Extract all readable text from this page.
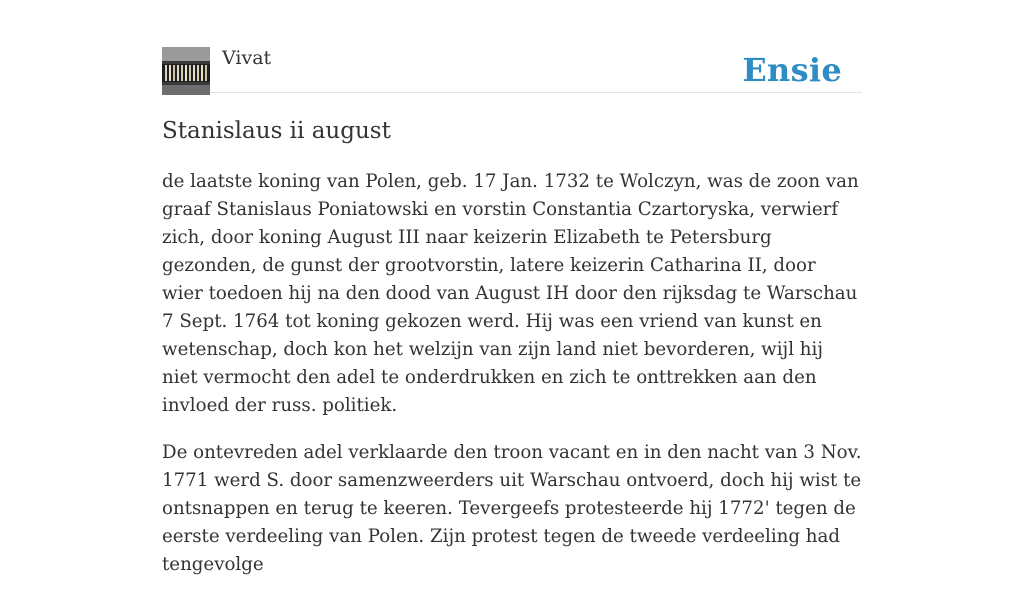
Vivat	Ensie
Stanislaus ii august

de laatste koning van Polen, geb. 17 Jan. 1732 te Wolczyn, was de zoon van graaf Stanislaus Poniatowski en vorstin Constantia Czartoryska, verwierf zich, door koning August III naar keizerin Elizabeth te Petersburg gezonden, de gunst der grootvorstin, latere keizerin Catharina II, door wier toedoen hij na den dood van August IH door den rijksdag te Warschau 7 Sept. 1764 tot koning gekozen werd. Hij was een vriend van kunst en wetenschap, doch kon het welzijn van zijn land niet bevorderen, wijl hij niet vermocht den adel te onderdrukken en zich te onttrekken aan den invloed der russ. politiek.

De ontevreden adel verklaarde den troon vacant en in den nacht van 3 Nov. 1771 werd S. door samenzweerders uit Warschau ontvoerd, doch hij wist te ontsnappen en terug te keeren. Tevergeefs protesteerde hij 1772' tegen de eerste verdeeling van Polen. Zijn protest tegen de tweede verdeeling had tengevolge
